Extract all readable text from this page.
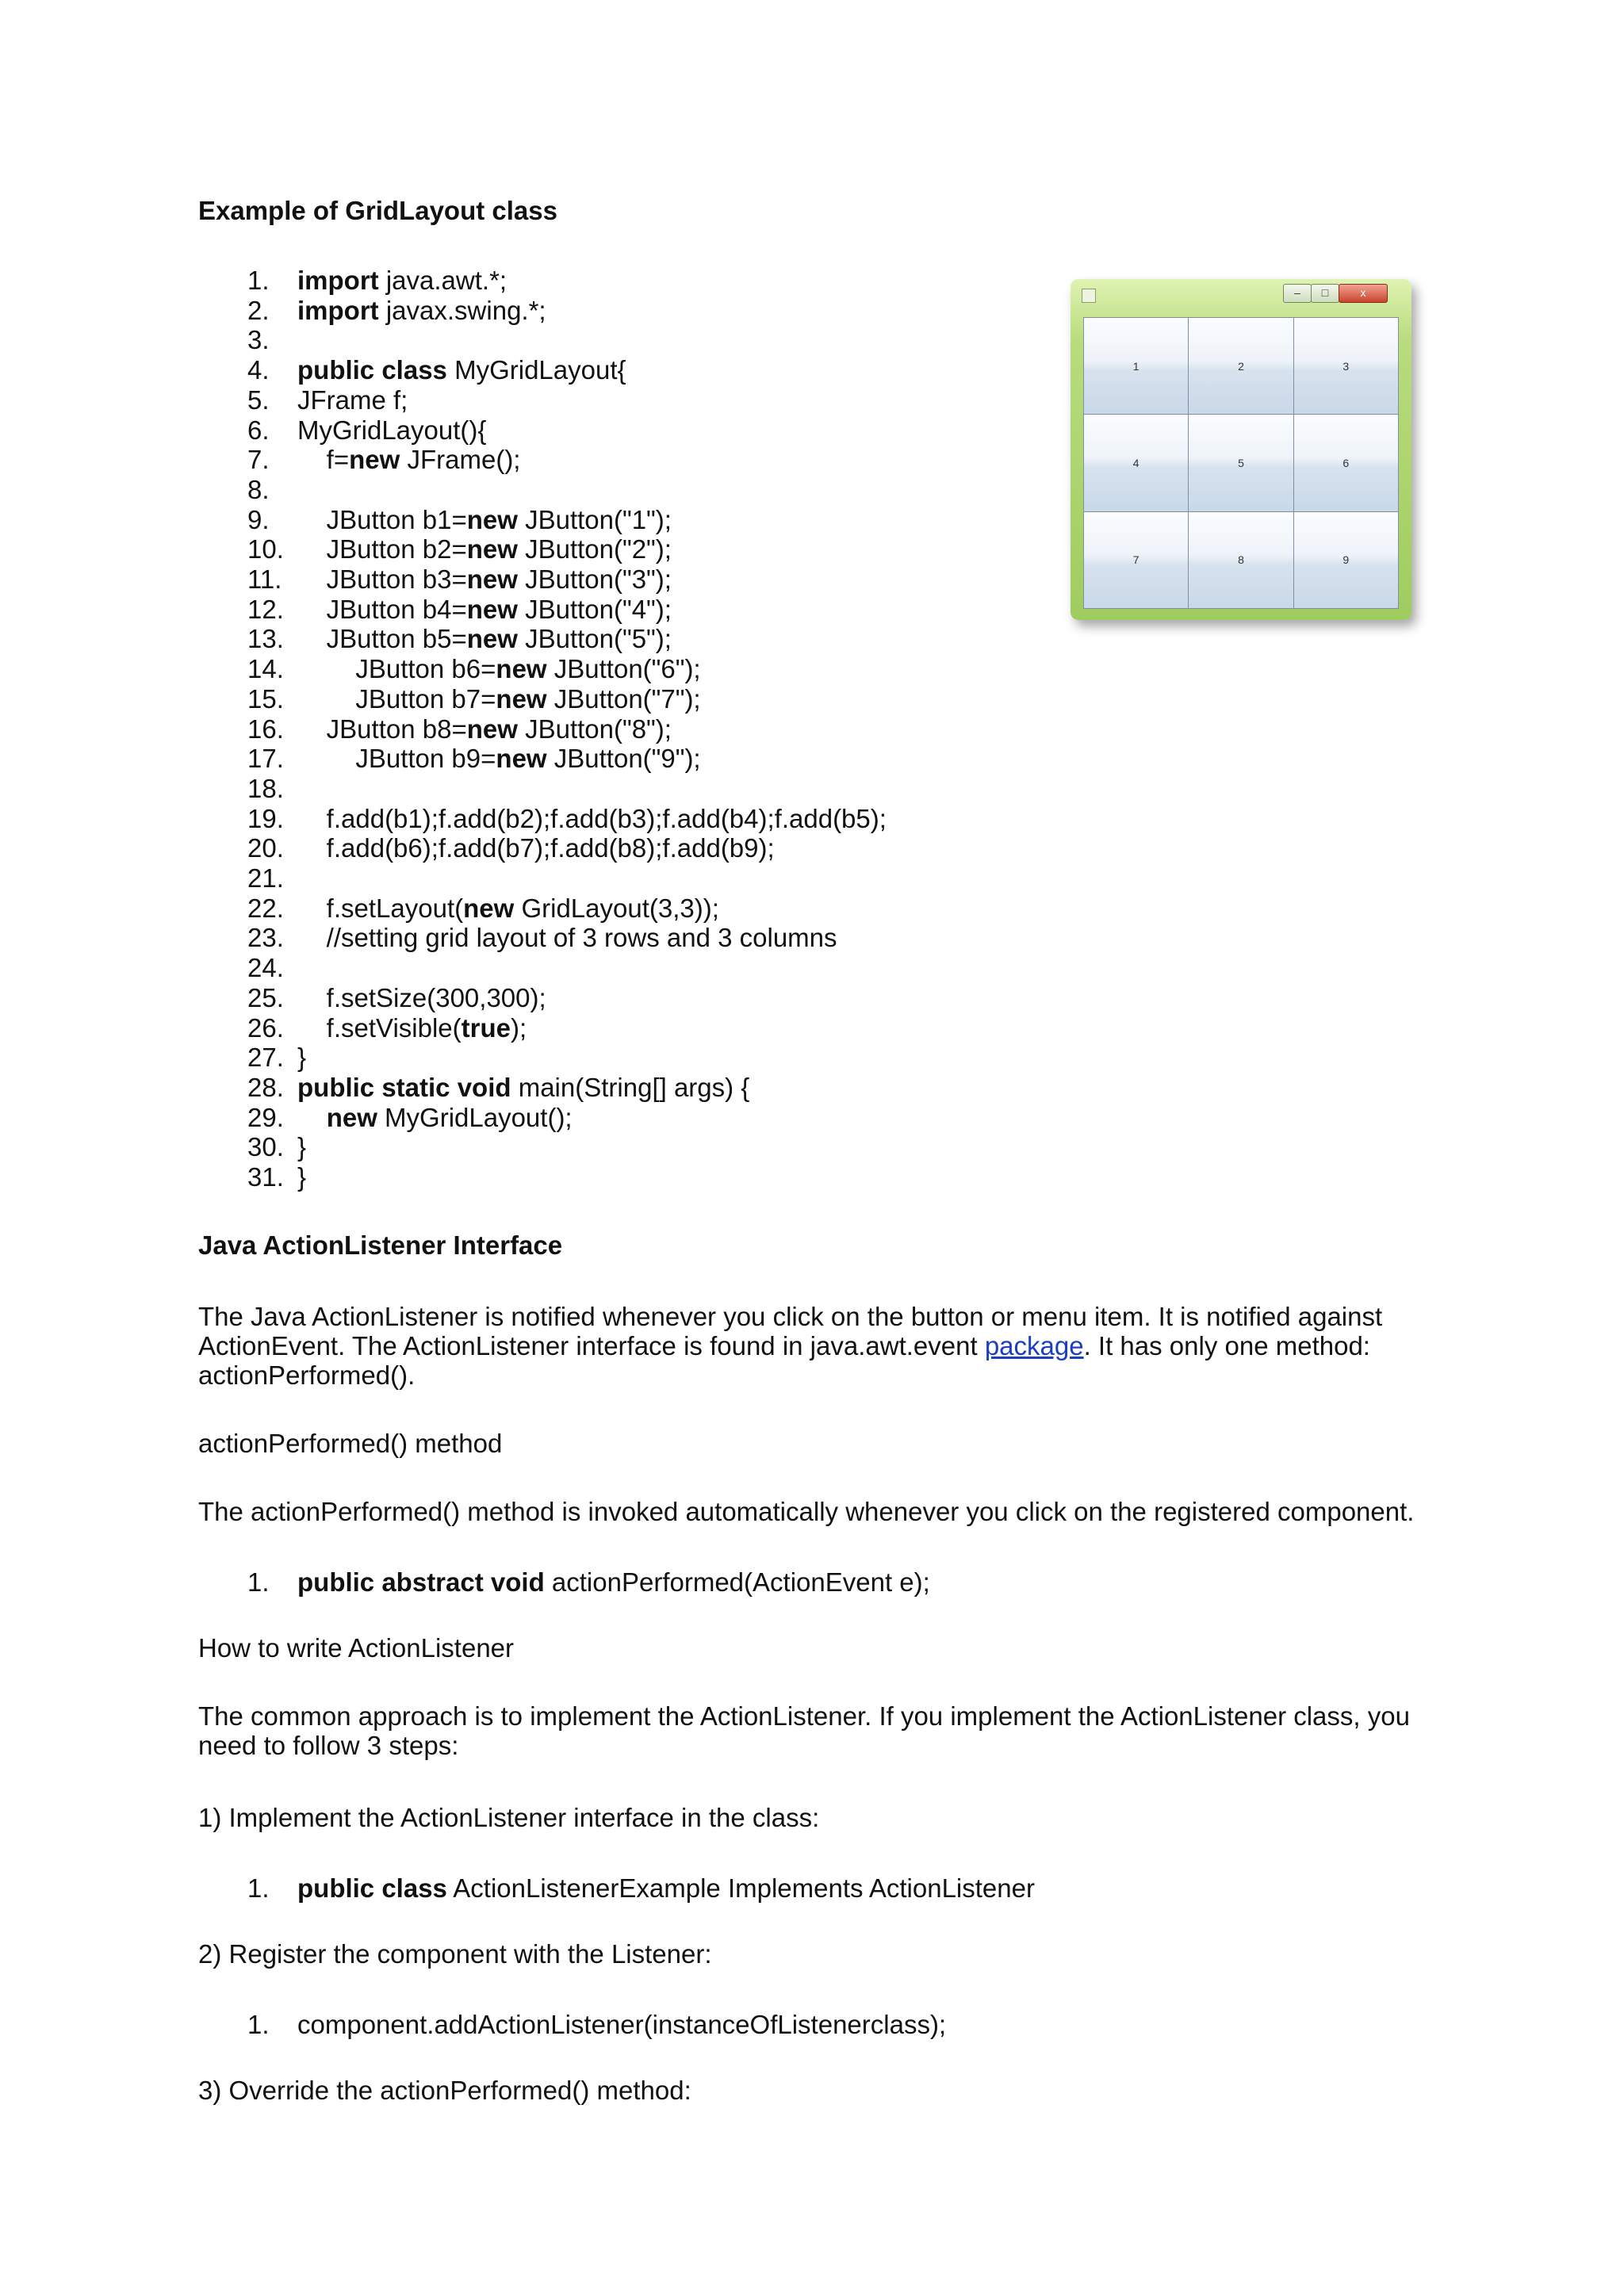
Example of GridLayout class
1.	import java.awt.*;
2.	import javax.swing.*;
3.
4.	public class MyGridLayout{
5.	JFrame f;
6.	MyGridLayout(){
7.	f=new JFrame();
8.
9.	JButton b1=new JButton("1");
10. JButton b2=new JButton("2");
11. JButton b3=new JButton("3");
12. JButton b4=new JButton("4");
13. JButton b5=new JButton("5");
14. JButton b6=new JButton("6");
15. JButton b7=new JButton("7");
16. JButton b8=new JButton("8");
17. JButton b9=new JButton("9");
18.
19. f.add(b1);f.add(b2);f.add(b3);f.add(b4);f.add(b5);
20. f.add(b6);f.add(b7);f.add(b8);f.add(b9);
21.
22. f.setLayout(new GridLayout(3,3));
23. //setting grid layout of 3 rows and 3 columns
24.
25. f.setSize(300,300);
26. f.setVisible(true);
27. }
28. public static void main(String[] args) {
29.	new MyGridLayout();
30. }
31. }
–	□	x
1	2	3
4	5	6
7	8	9
Java ActionListener Interface

The Java ActionListener is notified whenever you click on the button or menu item. It is notified against ActionEvent. The ActionListener interface is found in java.awt.event package. It has only one method: actionPerformed().

actionPerformed() method

The actionPerformed() method is invoked automatically whenever you click on the registered component.

1.	public abstract void actionPerformed(ActionEvent e);

How to write ActionListener

The common approach is to implement the ActionListener. If you implement the ActionListener class, you need to follow 3 steps:

1) Implement the ActionListener interface in the class:

1.	public class ActionListenerExample Implements ActionListener

2) Register the component with the Listener:

1.	component.addActionListener(instanceOfListenerclass);

3) Override the actionPerformed() method:
